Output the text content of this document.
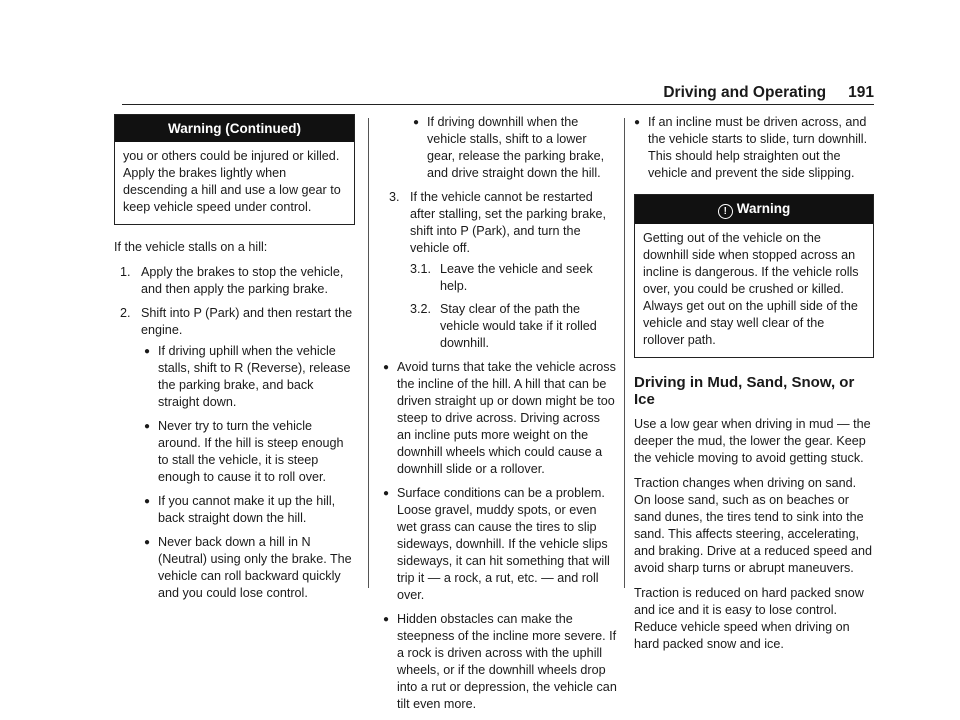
Driving and Operating 191
Warning (Continued)
you or others could be injured or killed. Apply the brakes lightly when descending a hill and use a low gear to keep vehicle speed under control.

If the vehicle stalls on a hill:

1. Apply the brakes to stop the vehicle, and then apply the parking brake.
2. Shift into P (Park) and then restart the engine.
● If driving uphill when the vehicle stalls, shift to R (Reverse), release the parking brake, and back straight down.
● Never try to turn the vehicle around. If the hill is steep enough to stall the vehicle, it is steep enough to cause it to roll over.
● If you cannot make it up the hill, back straight down the hill.
● Never back down a hill in N (Neutral) using only the brake. The vehicle can roll backward quickly and you could lose control.
● If driving downhill when the vehicle stalls, shift to a lower gear, release the parking brake, and drive straight down the hill.
3. If the vehicle cannot be restarted after stalling, set the parking brake, shift into P (Park), and turn the vehicle off.
3.1. Leave the vehicle and seek help.
3.2. Stay clear of the path the vehicle would take if it rolled downhill.
● Avoid turns that take the vehicle across the incline of the hill. A hill that can be driven straight up or down might be too steep to drive across. Driving across an incline puts more weight on the downhill wheels which could cause a downhill slide or a rollover.
● Surface conditions can be a problem. Loose gravel, muddy spots, or even wet grass can cause the tires to slip sideways, downhill. If the vehicle slips sideways, it can hit something that will trip it — a rock, a rut, etc. — and roll over.
● Hidden obstacles can make the steepness of the incline more severe. If a rock is driven across with the uphill wheels, or if the downhill wheels drop into a rut or depression, the vehicle can tilt even more.
● If an incline must be driven across, and the vehicle starts to slide, turn downhill. This should help straighten out the vehicle and prevent the side slipping.
! Warning
Getting out of the vehicle on the downhill side when stopped across an incline is dangerous. If the vehicle rolls over, you could be crushed or killed. Always get out on the uphill side of the vehicle and stay well clear of the rollover path.
Driving in Mud, Sand, Snow, or Ice

Use a low gear when driving in mud — the deeper the mud, the lower the gear. Keep the vehicle moving to avoid getting stuck.

Traction changes when driving on sand. On loose sand, such as on beaches or sand dunes, the tires tend to sink into the sand. This affects steering, accelerating, and braking. Drive at a reduced speed and avoid sharp turns or abrupt maneuvers.

Traction is reduced on hard packed snow and ice and it is easy to lose control. Reduce vehicle speed when driving on hard packed snow and ice.
